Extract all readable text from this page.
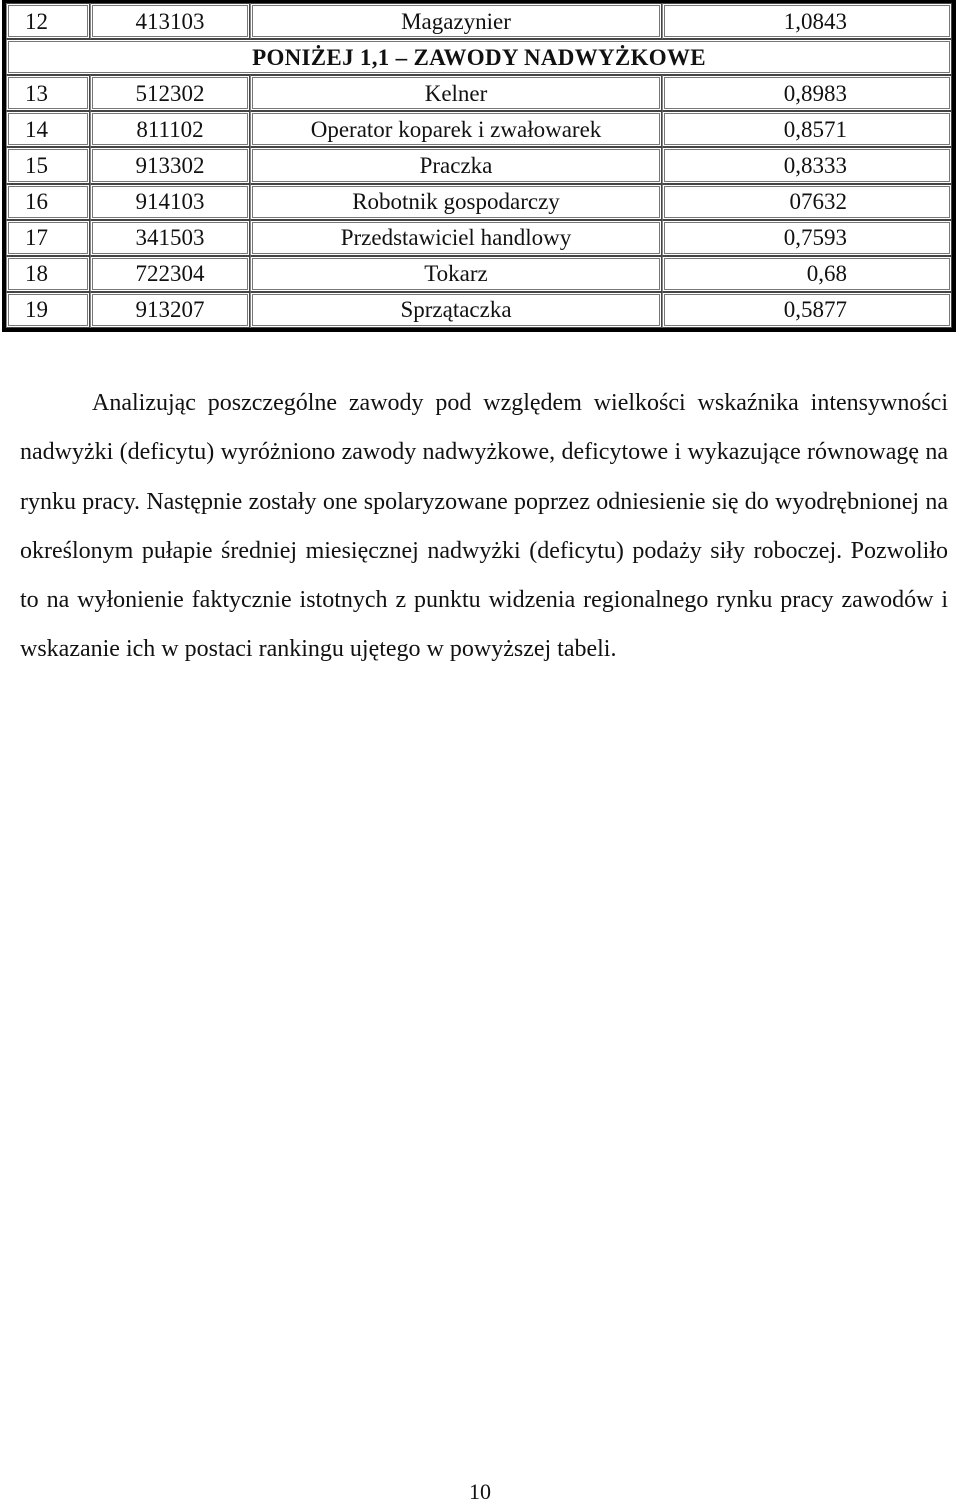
12	413103	Magazynier	1,0843
PONIŻEJ 1,1 – ZAWODY NADWYŻKOWE			
13	512302	Kelner	0,8983
14	811102	Operator koparek i zwałowarek	0,8571
15	913302	Praczka	0,8333
16	914103	Robotnik gospodarczy	07632
17	341503	Przedstawiciel handlowy	0,7593
18	722304	Tokarz	0,68
19	913207	Sprzątaczka	0,5877

Analizując poszczególne zawody pod względem wielkości wskaźnika intensywności nadwyżki (deficytu) wyróżniono zawody nadwyżkowe, deficytowe i wykazujące równowagę na rynku pracy. Następnie zostały one spolaryzowane poprzez odniesienie się do wyodrębnionej na określonym pułapie średniej miesięcznej nadwyżki (deficytu) podaży siły roboczej. Pozwoliło to na wyłonienie faktycznie istotnych z punktu widzenia regionalnego rynku pracy zawodów i wskazanie ich w postaci rankingu ujętego w powyższej tabeli.

10
